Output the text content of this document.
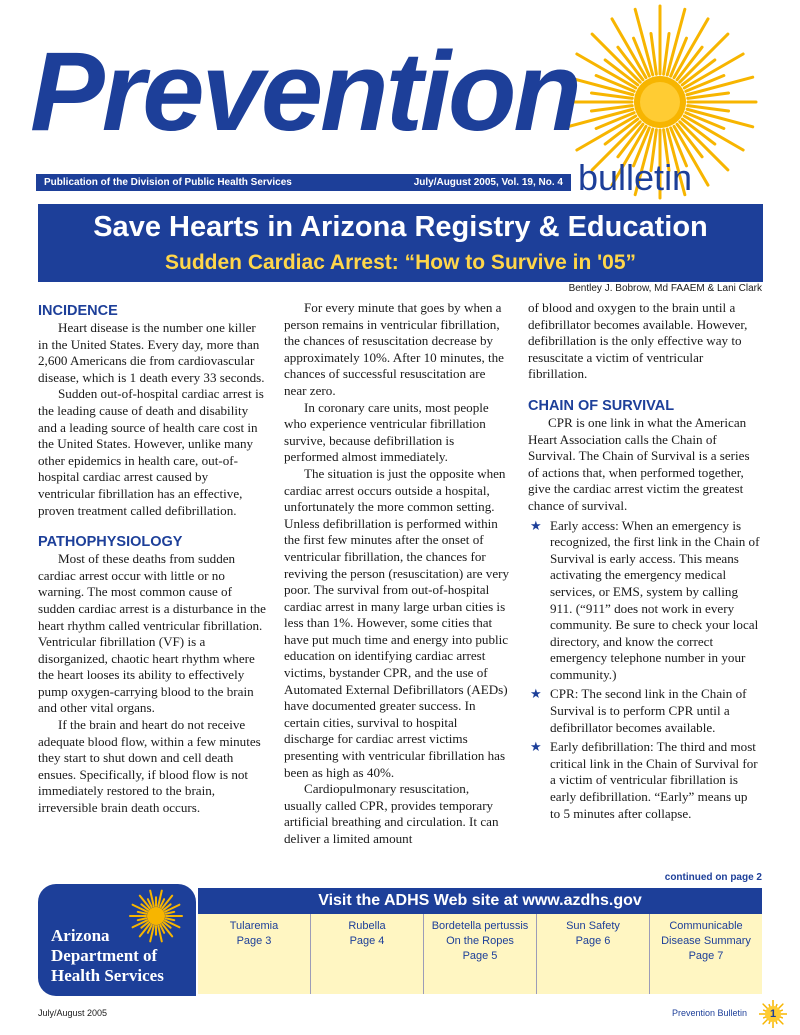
Prevention
Publication of the Division of Public Health Services	July/August 2005, Vol. 19, No. 4 bulletin
Save Hearts in Arizona Registry & Education
Sudden Cardiac Arrest: “How to Survive in '05”
Bentley J. Bobrow, Md FAAEM & Lani Clark
INCIDENCE

Heart disease is the number one killer in the United States. Every day, more than 2,600 Americans die from cardiovascular disease, which is 1 death every 33 seconds.

Sudden out-of-hospital cardiac arrest is the leading cause of death and disability and a leading source of health care cost in the United States. However, unlike many other epidemics in health care, out-of-hospital cardiac arrest caused by ventricular fibrillation has an effective, proven treatment called defibrillation.

PATHOPHYSIOLOGY

Most of these deaths from sudden cardiac arrest occur with little or no warning. The most common cause of sudden cardiac arrest is a disturbance in the heart rhythm called ventricular fibrillation. Ventricular fibrillation (VF) is a disorganized, chaotic heart rhythm where the heart looses its ability to effectively pump oxygen-carrying blood to the brain and other vital organs.

If the brain and heart do not receive adequate blood flow, within a few minutes they start to shut down and cell death ensues. Specifically, if blood flow is not immediately restored to the brain, irreversible brain death occurs.

For every minute that goes by when a person remains in ventricular fibrillation, the chances of resuscitation decrease by approximately 10%. After 10 minutes, the chances of successful resuscitation are near zero.

In coronary care units, most people who experience ventricular fibrillation survive, because defibrillation is performed almost immediately.

The situation is just the opposite when cardiac arrest occurs outside a hospital, unfortunately the more common setting. Unless defibrillation is performed within the first few minutes after the onset of ventricular fibrillation, the chances for reviving the person (resuscitation) are very poor. The survival from out-of-hospital cardiac arrest in many large urban cities is less than 1%. However, some cities that have put much time and energy into public education on identifying cardiac arrest victims, bystander CPR, and the use of Automated External Defibrillators (AEDs) have documented greater success. In certain cities, survival to hospital discharge for cardiac arrest victims presenting with ventricular fibrillation has been as high as 40%.

Cardiopulmonary resuscitation, usually called CPR, provides temporary artificial breathing and circulation. It can deliver a limited amount

of blood and oxygen to the brain until a defibrillator becomes available. However, defibrillation is the only effective way to resuscitate a victim of ventricular fibrillation.

CHAIN OF SURVIVAL

CPR is one link in what the American Heart Association calls the Chain of Survival. The Chain of Survival is a series of actions that, when performed together, give the cardiac arrest victim the greatest chance of survival.

★ Early access: When an emergency is recognized, the first link in the Chain of Survival is early access. This means activating the emergency medical services, or EMS, system by calling 911. (“911” does not work in every community. Be sure to check your local directory, and know the correct emergency telephone number in your community.)
★ CPR: The second link in the Chain of Survival is to perform CPR until a defibrillator becomes available.
★ Early defibrillation: The third and most critical link in the Chain of Survival for a victim of ventricular fibrillation is early defibrillation. “Early” means up to 5 minutes after collapse.
continued on page 2
Arizona
Department of
Health Services
Visit the ADHS Web site at www.azdhs.gov
Tularemia
Page 3
Rubella
Page 4
Bordetella pertussis On the Ropes
Page 5
Sun Safety
Page 6
Communicable Disease Summary
Page 7
July/August 2005	Prevention Bulletin	1
